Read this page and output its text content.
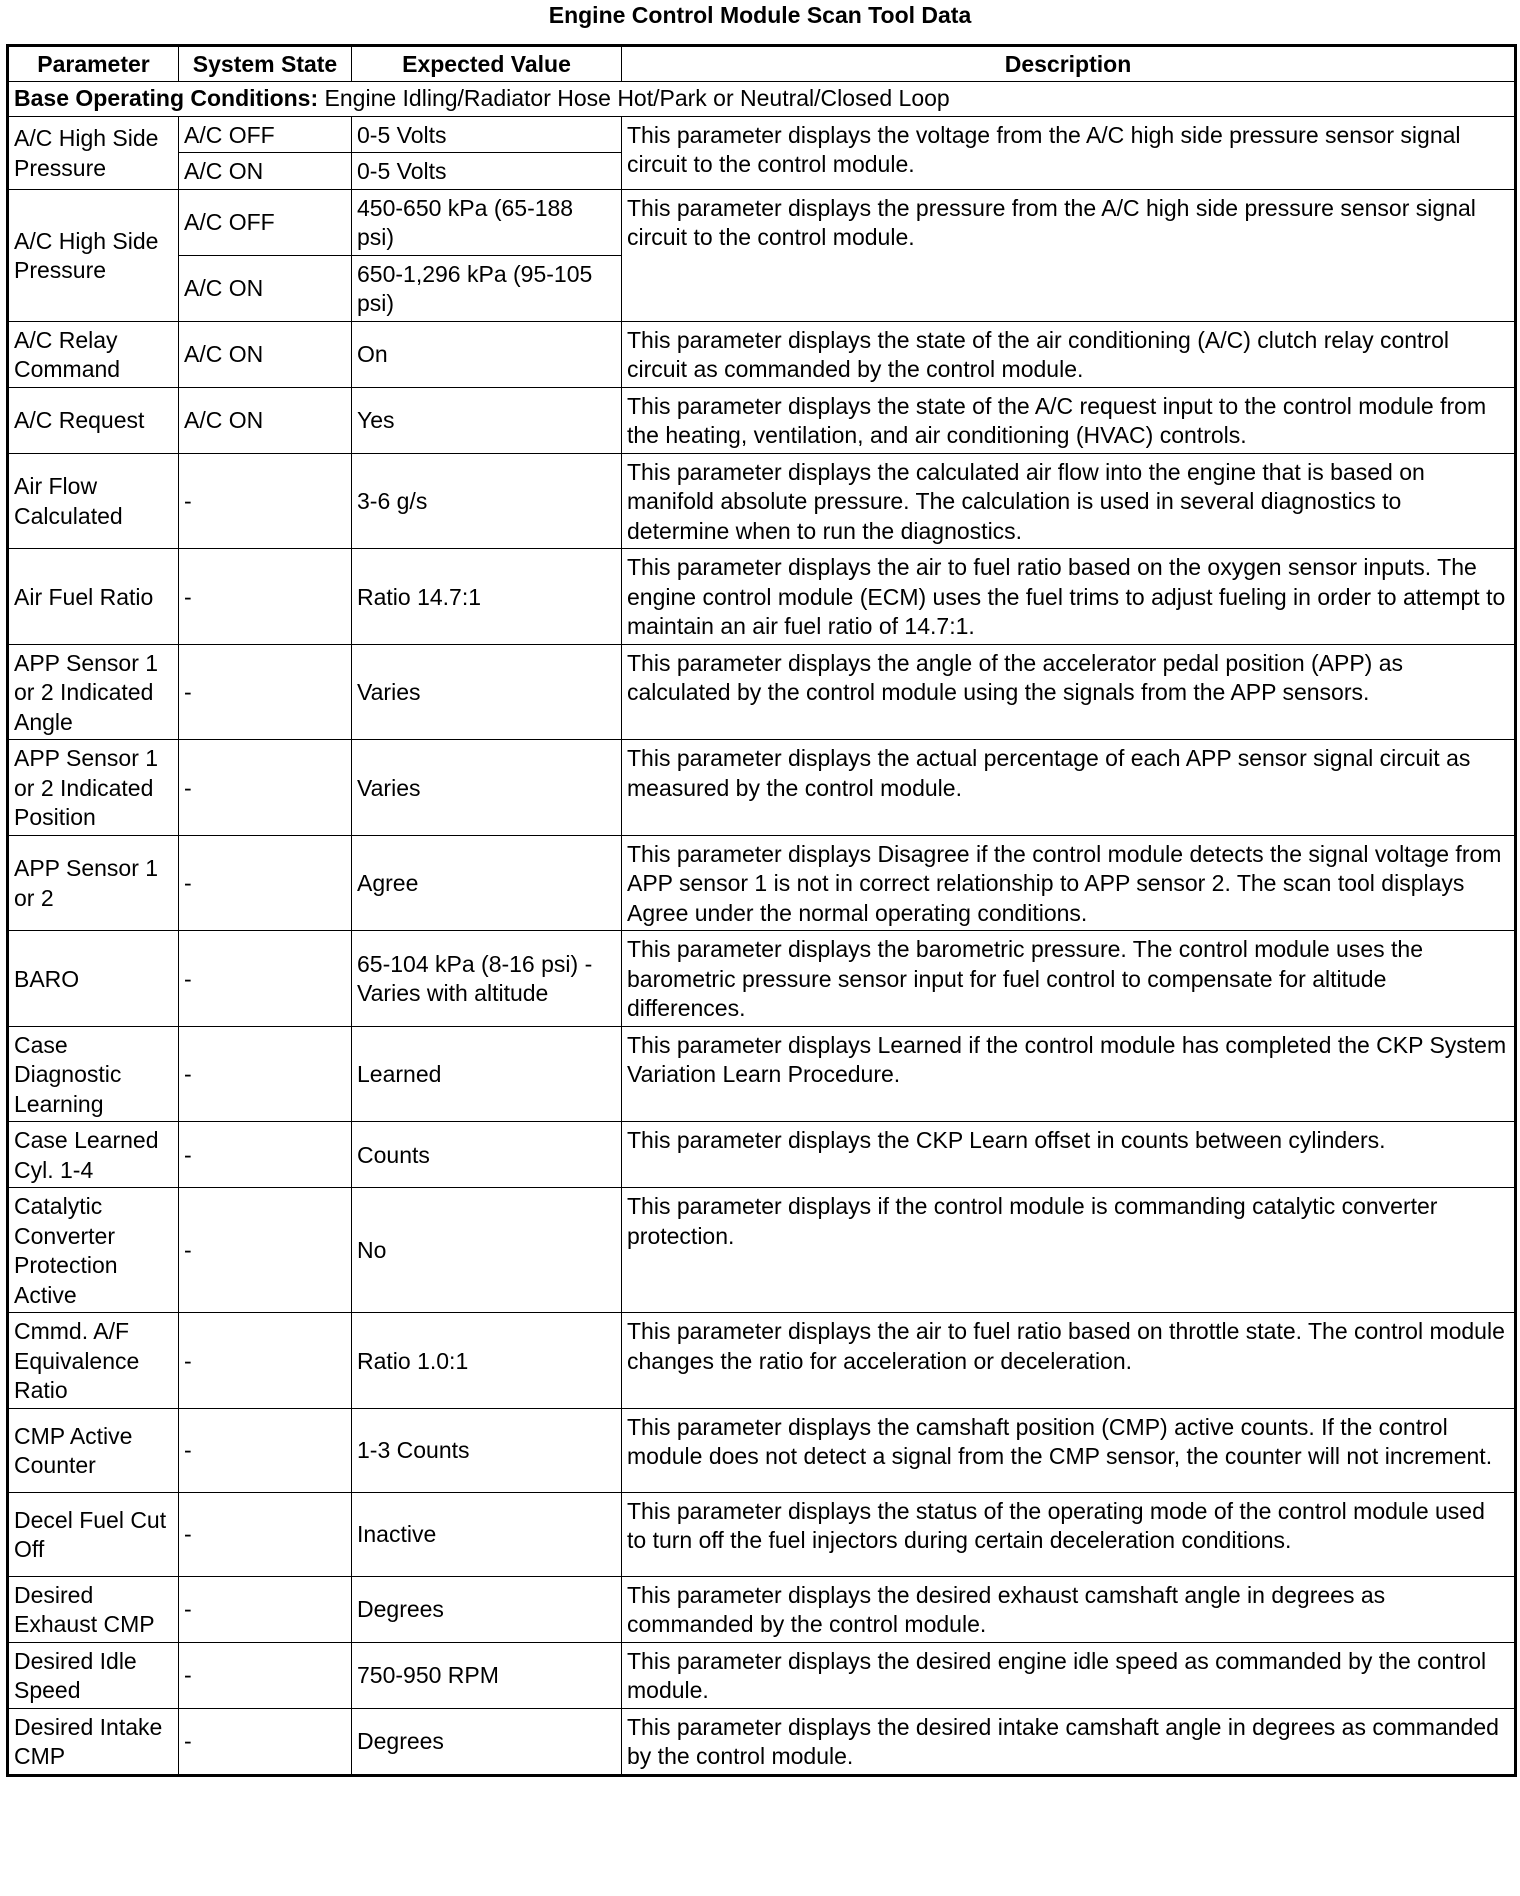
Engine Control Module Scan Tool Data
Parameter	System State	Expected Value	Description
Base Operating Conditions: Engine Idling/Radiator Hose Hot/Park or Neutral/Closed Loop			
A/C High Side Pressure	A/C OFF	0-5 Volts	This parameter displays the voltage from the A/C high side pressure sensor signal circuit to the control module.
	A/C ON	0-5 Volts	
A/C High Side Pressure	A/C OFF	450-650 kPa (65-188 psi)	This parameter displays the pressure from the A/C high side pressure sensor signal circuit to the control module.
	A/C ON	650-1,296 kPa (95-105 psi)	
A/C Relay Command	A/C ON	On	This parameter displays the state of the air conditioning (A/C) clutch relay control circuit as commanded by the control module.
A/C Request	A/C ON	Yes	This parameter displays the state of the A/C request input to the control module from the heating, ventilation, and air conditioning (HVAC) controls.
Air Flow Calculated	-	3-6 g/s	This parameter displays the calculated air flow into the engine that is based on manifold absolute pressure. The calculation is used in several diagnostics to determine when to run the diagnostics.
Air Fuel Ratio	-	Ratio 14.7:1	This parameter displays the air to fuel ratio based on the oxygen sensor inputs. The engine control module (ECM) uses the fuel trims to adjust fueling in order to attempt to maintain an air fuel ratio of 14.7:1.
APP Sensor 1 or 2 Indicated Angle	-	Varies	This parameter displays the angle of the accelerator pedal position (APP) as calculated by the control module using the signals from the APP sensors.
APP Sensor 1 or 2 Indicated Position	-	Varies	This parameter displays the actual percentage of each APP sensor signal circuit as measured by the control module.
APP Sensor 1 or 2	-	Agree	This parameter displays Disagree if the control module detects the signal voltage from APP sensor 1 is not in correct relationship to APP sensor 2. The scan tool displays Agree under the normal operating conditions.
BARO	-	65-104 kPa (8-16 psi) - Varies with altitude	This parameter displays the barometric pressure. The control module uses the barometric pressure sensor input for fuel control to compensate for altitude differences.
Case Diagnostic Learning	-	Learned	This parameter displays Learned if the control module has completed the CKP System Variation Learn Procedure.
Case Learned Cyl. 1-4	-	Counts	This parameter displays the CKP Learn offset in counts between cylinders.
Catalytic Converter Protection Active	-	No	This parameter displays if the control module is commanding catalytic converter protection.
Cmmd. A/F Equivalence Ratio	-	Ratio 1.0:1	This parameter displays the air to fuel ratio based on throttle state. The control module changes the ratio for acceleration or deceleration.
CMP Active Counter	-	1-3 Counts	This parameter displays the camshaft position (CMP) active counts. If the control module does not detect a signal from the CMP sensor, the counter will not increment.
Decel Fuel Cut Off	-	Inactive	This parameter displays the status of the operating mode of the control module used to turn off the fuel injectors during certain deceleration conditions.
Desired Exhaust CMP	-	Degrees	This parameter displays the desired exhaust camshaft angle in degrees as commanded by the control module.
Desired Idle Speed	-	750-950 RPM	This parameter displays the desired engine idle speed as commanded by the control module.
Desired Intake CMP	-	Degrees	This parameter displays the desired intake camshaft angle in degrees as commanded by the control module.
